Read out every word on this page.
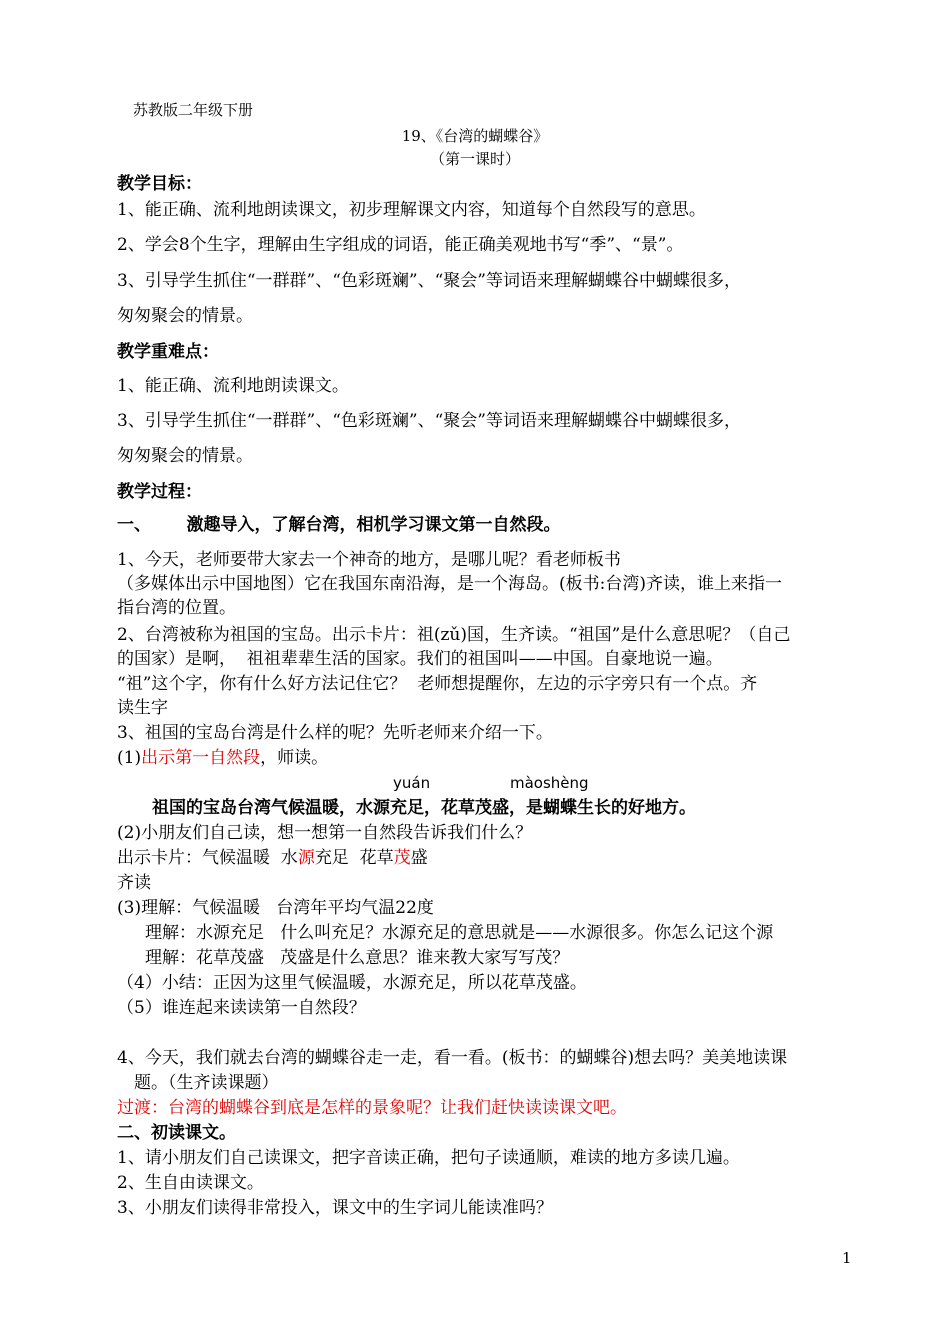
苏教版二年级下册
19、《台湾的蝴蝶谷》
（第一课时）
教学目标：
1、能正确、流利地朗读课文，初步理解课文内容，知道每个自然段写的意思。
2、学会8个生字，理解由生字组成的词语，能正确美观地书写“季”、“景”。
3、引导学生抓住“一群群”、“色彩斑斓”、“聚会”等词语来理解蝴蝶谷中蝴蝶很多，
匆匆聚会的情景。
教学重难点：
1、能正确、流利地朗读课文。
3、引导学生抓住“一群群”、“色彩斑斓”、“聚会”等词语来理解蝴蝶谷中蝴蝶很多，
匆匆聚会的情景。
教学过程：
一、      激趣导入，了解台湾，相机学习课文第一自然段。
1、今天，老师要带大家去一个神奇的地方，是哪儿呢？看老师板书
（多媒体出示中国地图）它在我国东南沿海，是一个海岛。(板书:台湾)齐读，谁上来指一
指台湾的位置。
2、台湾被称为祖国的宝岛。出示卡片：祖(zǔ)国，生齐读。“祖国”是什么意思呢？（自己
的国家）是啊，  祖祖辈辈生活的国家。我们的祖国叫——中国。自豪地说一遍。
“祖”这个字，你有什么好方法记住它？  老师想提醒你，左边的示字旁只有一个点。齐
读生字
3、祖国的宝岛台湾是什么样的呢？先听老师来介绍一下。
(1)出示第一自然段，师读。
yuán	màoshèng
祖国的宝岛台湾气候温暖，水源充足，花草茂盛，是蝴蝶生长的好地方。
(2)小朋友们自己读，想一想第一自然段告诉我们什么？
出示卡片：气候温暖  水源充足  花草茂盛
齐读
(3)理解：气候温暖   台湾年平均气温22度
理解：水源充足   什么叫充足？水源充足的意思就是——水源很多。你怎么记这个源
理解：花草茂盛   茂盛是什么意思？谁来教大家写写茂？
（4）小结：正因为这里气候温暖，水源充足，所以花草茂盛。
（5）谁连起来读读第一自然段？
4、今天，我们就去台湾的蝴蝶谷走一走，看一看。(板书：的蝴蝶谷)想去吗？美美地读课
题。（生齐读课题）
过渡：台湾的蝴蝶谷到底是怎样的景象呢？让我们赶快读读课文吧。
二、初读课文。
1、请小朋友们自己读课文，把字音读正确，把句子读通顺，难读的地方多读几遍。
2、生自由读课文。
3、小朋友们读得非常投入，课文中的生字词儿能读准吗？
1
